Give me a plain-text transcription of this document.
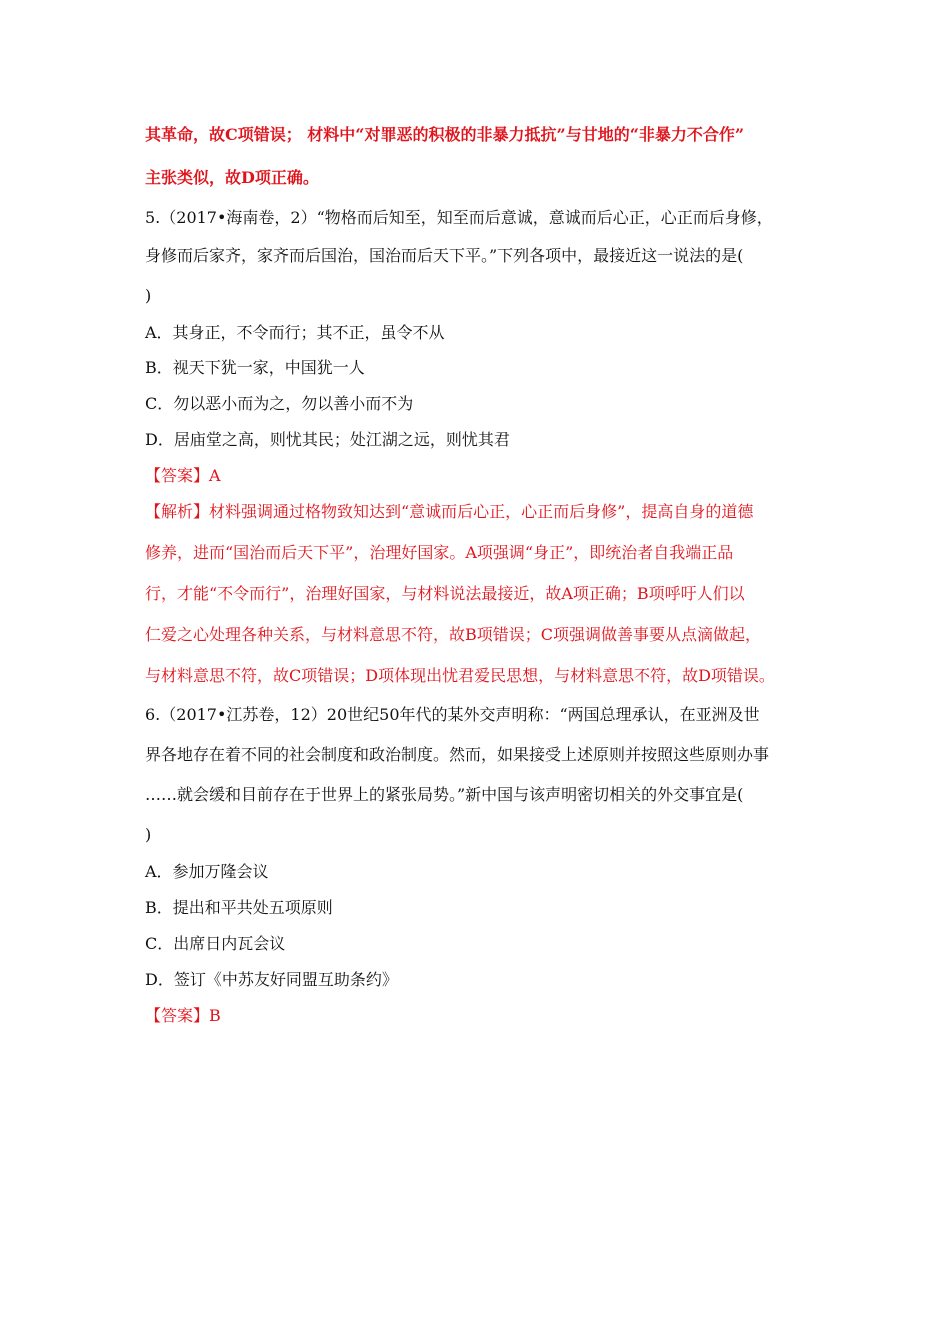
其革命，故C项错误； 材料中“对罪恶的积极的非暴力抵抗”与甘地的“非暴力不合作”
主张类似，故D项正确。
5.（2017•海南卷，2）“物格而后知至，知至而后意诚，意诚而后心正，心正而后身修，
身修而后家齐，家齐而后国治，国治而后天下平。”下列各项中，最接近这一说法的是(
)
A．其身正，不令而行；其不正，虽令不从
B．视天下犹一家，中国犹一人
C．勿以恶小而为之，勿以善小而不为
D．居庙堂之高，则忧其民；处江湖之远，则忧其君
【答案】A
【解析】材料强调通过格物致知达到“意诚而后心正，心正而后身修”，提高自身的道德
修养，进而“国治而后天下平”，治理好国家。A项强调“身正”，即统治者自我端正品
行，才能“不令而行”，治理好国家，与材料说法最接近，故A项正确；B项呼吁人们以
仁爱之心处理各种关系，与材料意思不符，故B项错误；C项强调做善事要从点滴做起，
与材料意思不符，故C项错误；D项体现出忧君爱民思想，与材料意思不符，故D项错误。
6.（2017•江苏卷，12）20世纪50年代的某外交声明称：“两国总理承认，在亚洲及世
界各地存在着不同的社会制度和政治制度。然而，如果接受上述原则并按照这些原则办事
……就会缓和目前存在于世界上的紧张局势。”新中国与该声明密切相关的外交事宜是(
)
A．参加万隆会议
B．提出和平共处五项原则
C．出席日内瓦会议
D．签订《中苏友好同盟互助条约》
【答案】B
